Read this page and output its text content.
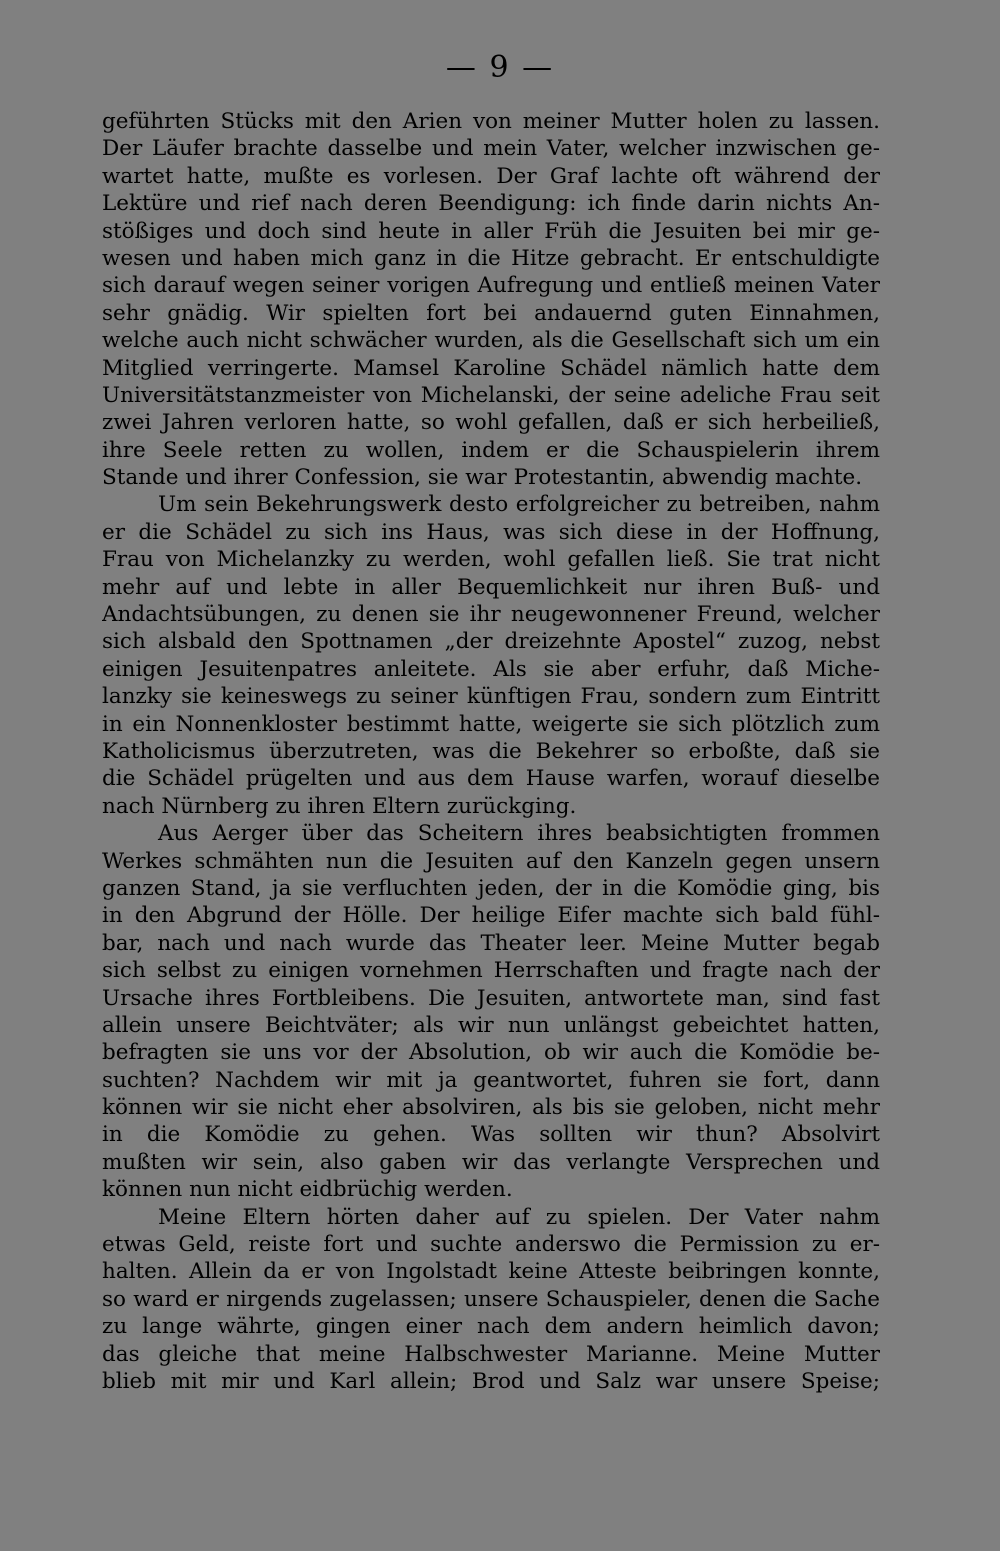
— 9 —
geführten Stücks mit den Arien von meiner Mutter holen zu lassen.
Der Läufer brachte dasselbe und mein Vater, welcher inzwischen ge-
wartet hatte, mußte es vorlesen. Der Graf lachte oft während der
Lektüre und rief nach deren Beendigung: ich finde darin nichts An-
stößiges und doch sind heute in aller Früh die Jesuiten bei mir ge-
wesen und haben mich ganz in die Hitze gebracht. Er entschuldigte
sich darauf wegen seiner vorigen Aufregung und entließ meinen Vater
sehr gnädig. Wir spielten fort bei andauernd guten Einnahmen,
welche auch nicht schwächer wurden, als die Gesellschaft sich um ein
Mitglied verringerte. Mamsel Karoline Schädel nämlich hatte dem
Universitätstanzmeister von Michelanski, der seine adeliche Frau seit
zwei Jahren verloren hatte, so wohl gefallen, daß er sich herbeiließ,
ihre Seele retten zu wollen, indem er die Schauspielerin ihrem
Stande und ihrer Confession, sie war Protestantin, abwendig machte.
Um sein Bekehrungswerk desto erfolgreicher zu betreiben, nahm
er die Schädel zu sich ins Haus, was sich diese in der Hoffnung,
Frau von Michelanzky zu werden, wohl gefallen ließ. Sie trat nicht
mehr auf und lebte in aller Bequemlichkeit nur ihren Buß- und
Andachtsübungen, zu denen sie ihr neugewonnener Freund, welcher
sich alsbald den Spottnamen „der dreizehnte Apostel“ zuzog, nebst
einigen Jesuitenpatres anleitete. Als sie aber erfuhr, daß Miche-
lanzky sie keineswegs zu seiner künftigen Frau, sondern zum Eintritt
in ein Nonnenkloster bestimmt hatte, weigerte sie sich plötzlich zum
Katholicismus überzutreten, was die Bekehrer so erboßte, daß sie
die Schädel prügelten und aus dem Hause warfen, worauf dieselbe
nach Nürnberg zu ihren Eltern zurückging.
Aus Aerger über das Scheitern ihres beabsichtigten frommen
Werkes schmähten nun die Jesuiten auf den Kanzeln gegen unsern
ganzen Stand, ja sie verfluchten jeden, der in die Komödie ging, bis
in den Abgrund der Hölle. Der heilige Eifer machte sich bald fühl-
bar, nach und nach wurde das Theater leer. Meine Mutter begab
sich selbst zu einigen vornehmen Herrschaften und fragte nach der
Ursache ihres Fortbleibens. Die Jesuiten, antwortete man, sind fast
allein unsere Beichtväter; als wir nun unlängst gebeichtet hatten,
befragten sie uns vor der Absolution, ob wir auch die Komödie be-
suchten? Nachdem wir mit ja geantwortet, fuhren sie fort, dann
können wir sie nicht eher absolviren, als bis sie geloben, nicht mehr
in die Komödie zu gehen. Was sollten wir thun? Absolvirt
mußten wir sein, also gaben wir das verlangte Versprechen und
können nun nicht eidbrüchig werden.
Meine Eltern hörten daher auf zu spielen. Der Vater nahm
etwas Geld, reiste fort und suchte anderswo die Permission zu er-
halten. Allein da er von Ingolstadt keine Atteste beibringen konnte,
so ward er nirgends zugelassen; unsere Schauspieler, denen die Sache
zu lange währte, gingen einer nach dem andern heimlich davon;
das gleiche that meine Halbschwester Marianne. Meine Mutter
blieb mit mir und Karl allein; Brod und Salz war unsere Speise;
